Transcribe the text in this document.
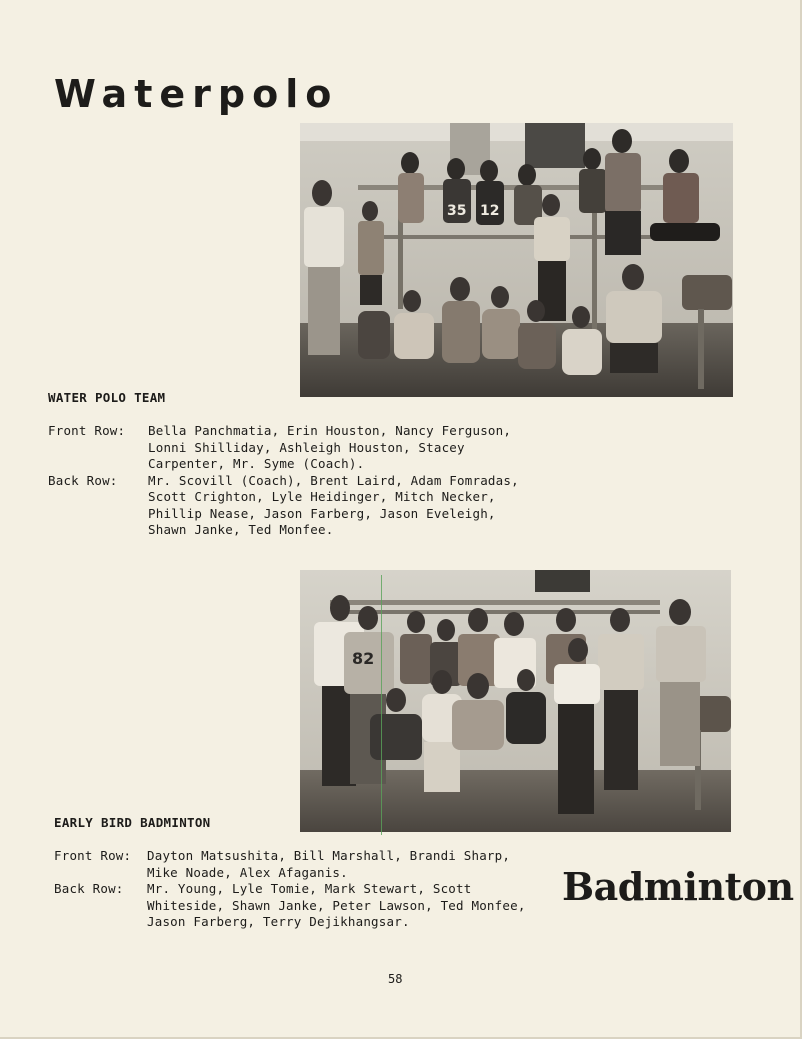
Waterpolo
35 12
WATER POLO TEAM
Front Row:	Bella Panchmatia, Erin Houston, Nancy Ferguson,
Lonni Shilliday, Ashleigh Houston, Stacey
Carpenter, Mr. Syme (Coach).
Back Row:	Mr. Scovill (Coach), Brent Laird, Adam Fomradas,
Scott Crighton, Lyle Heidinger, Mitch Necker,
Phillip Nease, Jason Farberg, Jason Eveleigh,
Shawn Janke, Ted Monfee.
82
EARLY BIRD BADMINTON
Front Row:	Dayton Matsushita, Bill Marshall, Brandi Sharp,
Mike Noade, Alex Afaganis.
Back Row:	Mr. Young, Lyle Tomie, Mark Stewart, Scott
Whiteside, Shawn Janke, Peter Lawson, Ted Monfee,
Jason Farberg, Terry Dejikhangsar.
Badminton
58
